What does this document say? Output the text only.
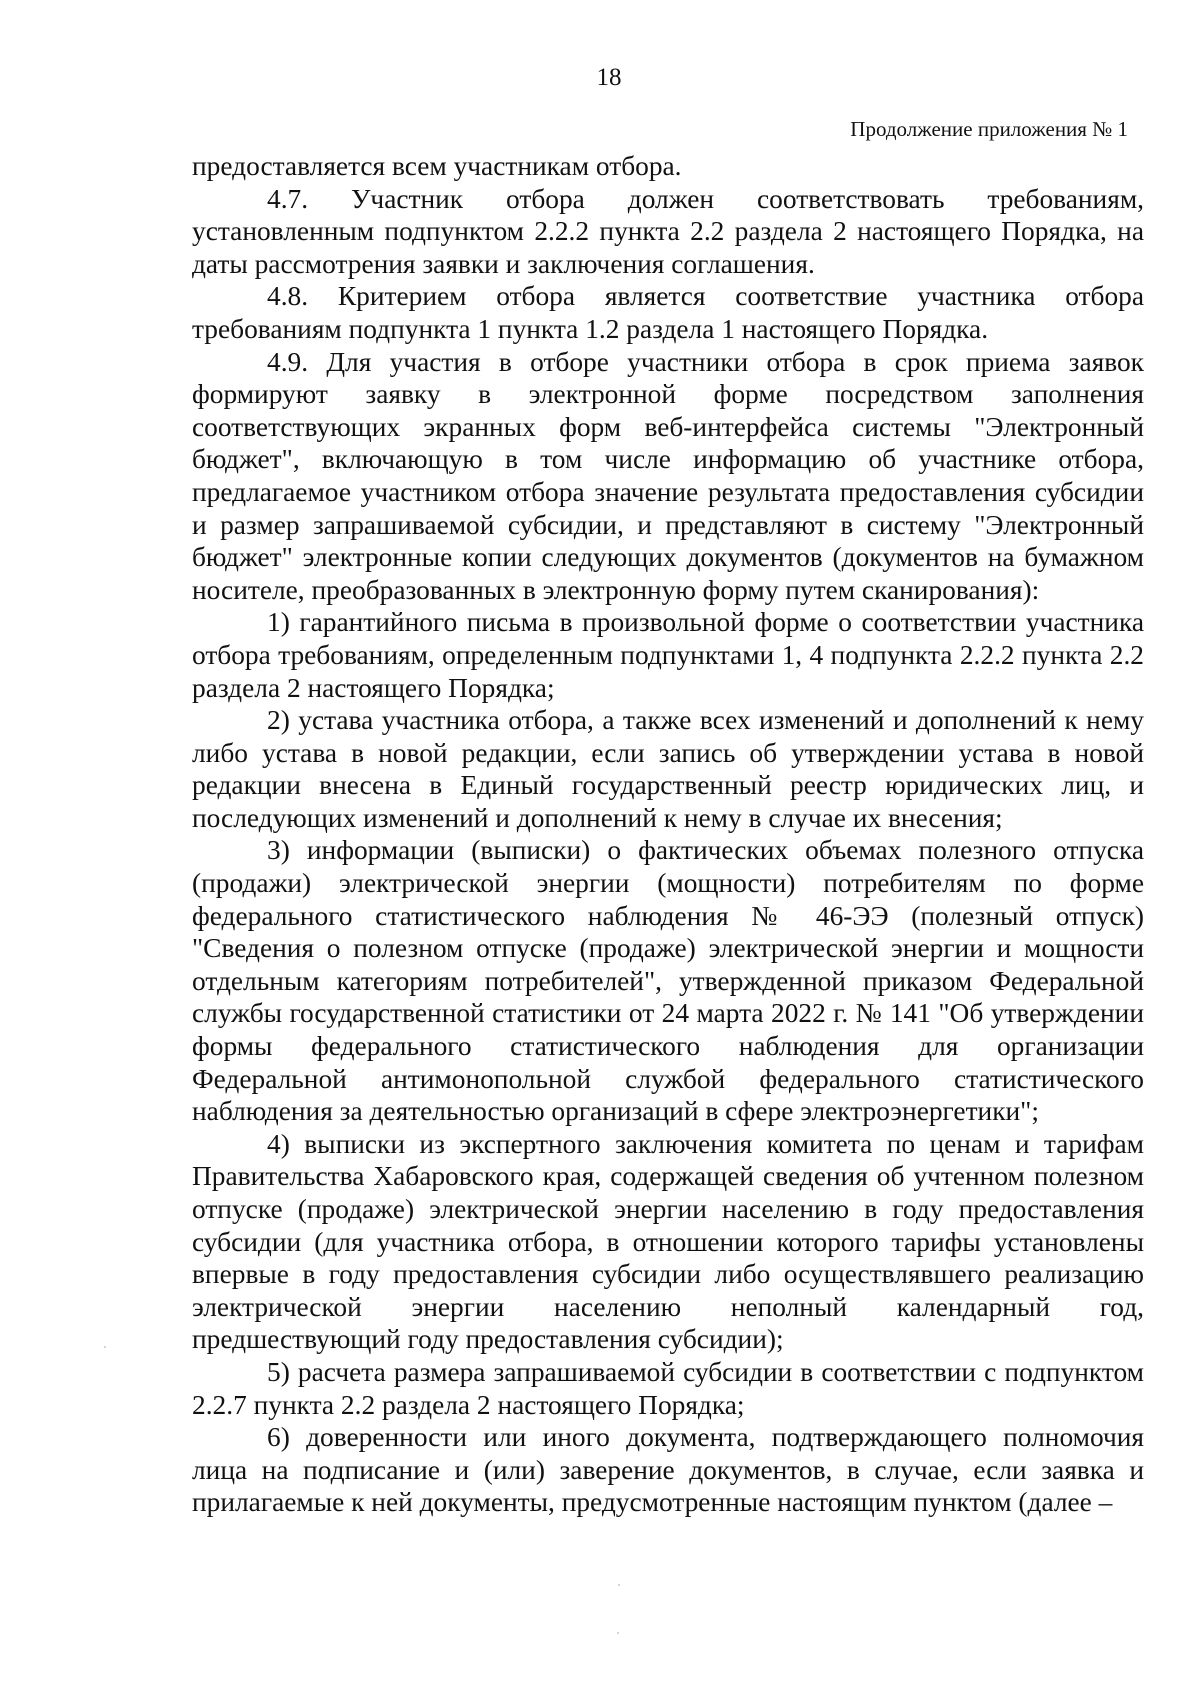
18
Продолжение приложения № 1

предоставляется всем участникам отбора.

4.7. Участник отбора должен соответствовать требованиям, установленным подпунктом 2.2.2 пункта 2.2 раздела 2 настоящего Порядка, на даты рассмотрения заявки и заключения соглашения.

4.8. Критерием отбора является соответствие участника отбора требованиям подпункта 1 пункта 1.2 раздела 1 настоящего Порядка.

4.9. Для участия в отборе участники отбора в срок приема заявок формируют заявку в электронной форме посредством заполнения соответствующих экранных форм веб-интерфейса системы "Электронный бюджет", включающую в том числе информацию об участнике отбора, предлагаемое участником отбора значение результата предоставления субсидии и размер запрашиваемой субсидии, и представляют в систему "Электронный бюджет" электронные копии следующих документов (документов на бумажном носителе, преобразованных в электронную форму путем сканирования):

1) гарантийного письма в произвольной форме о соответствии участника отбора требованиям, определенным подпунктами 1, 4 подпункта 2.2.2 пункта 2.2 раздела 2 настоящего Порядка;

2) устава участника отбора, а также всех изменений и дополнений к нему либо устава в новой редакции, если запись об утверждении устава в новой редакции внесена в Единый государственный реестр юридических лиц, и последующих изменений и дополнений к нему в случае их внесения;

3) информации (выписки) о фактических объемах полезного отпуска (продажи) электрической энергии (мощности) потребителям по форме федерального статистического наблюдения № 46-ЭЭ (полезный отпуск) "Сведения о полезном отпуске (продаже) электрической энергии и мощности отдельным категориям потребителей", утвержденной приказом Федеральной службы государственной статистики от 24 марта 2022 г. № 141 "Об утверждении формы федерального статистического наблюдения для организации Федеральной антимонопольной службой федерального статистического наблюдения за деятельностью организаций в сфере электроэнергетики";

4) выписки из экспертного заключения комитета по ценам и тарифам Правительства Хабаровского края, содержащей сведения об учтенном полезном отпуске (продаже) электрической энергии населению в году предоставления субсидии (для участника отбора, в отношении которого тарифы установлены впервые в году предоставления субсидии либо осуществлявшего реализацию электрической энергии населению неполный календарный год, предшествующий году предоставления субсидии);

5) расчета размера запрашиваемой субсидии в соответствии с подпунктом 2.2.7 пункта 2.2 раздела 2 настоящего Порядка;

6) доверенности или иного документа, подтверждающего полномочия лица на подписание и (или) заверение документов, в случае, если заявка и прилагаемые к ней документы, предусмотренные настоящим пунктом (далее –
